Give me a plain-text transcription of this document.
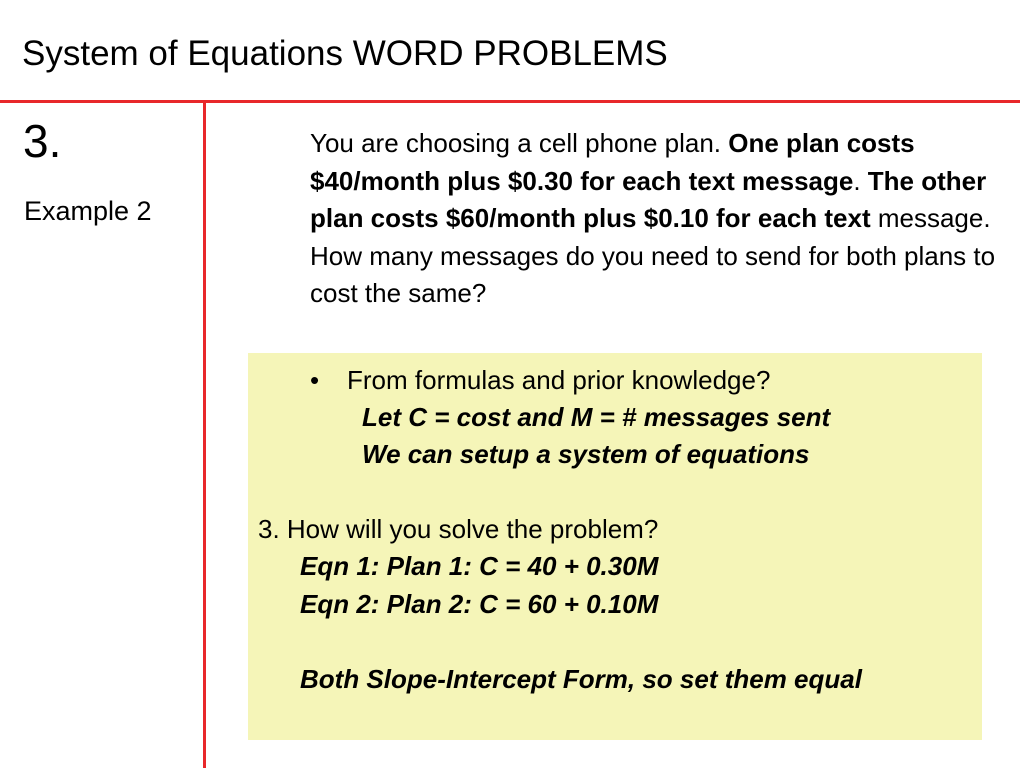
System of Equations WORD PROBLEMS
3.
Example 2
You are choosing a cell phone plan. One plan costs $40/month plus $0.30 for each text message. The other plan costs $60/month plus $0.10 for each text message. How many messages do you need to send for both plans to cost the same?
• From formulas and prior knowledge?
Let C = cost and M = # messages sent
We can setup a system of equations
3. How will you solve the problem?
Eqn 1: Plan 1: C = 40 + 0.30M
Eqn 2: Plan 2: C = 60 + 0.10M
Both Slope-Intercept Form, so set them equal
